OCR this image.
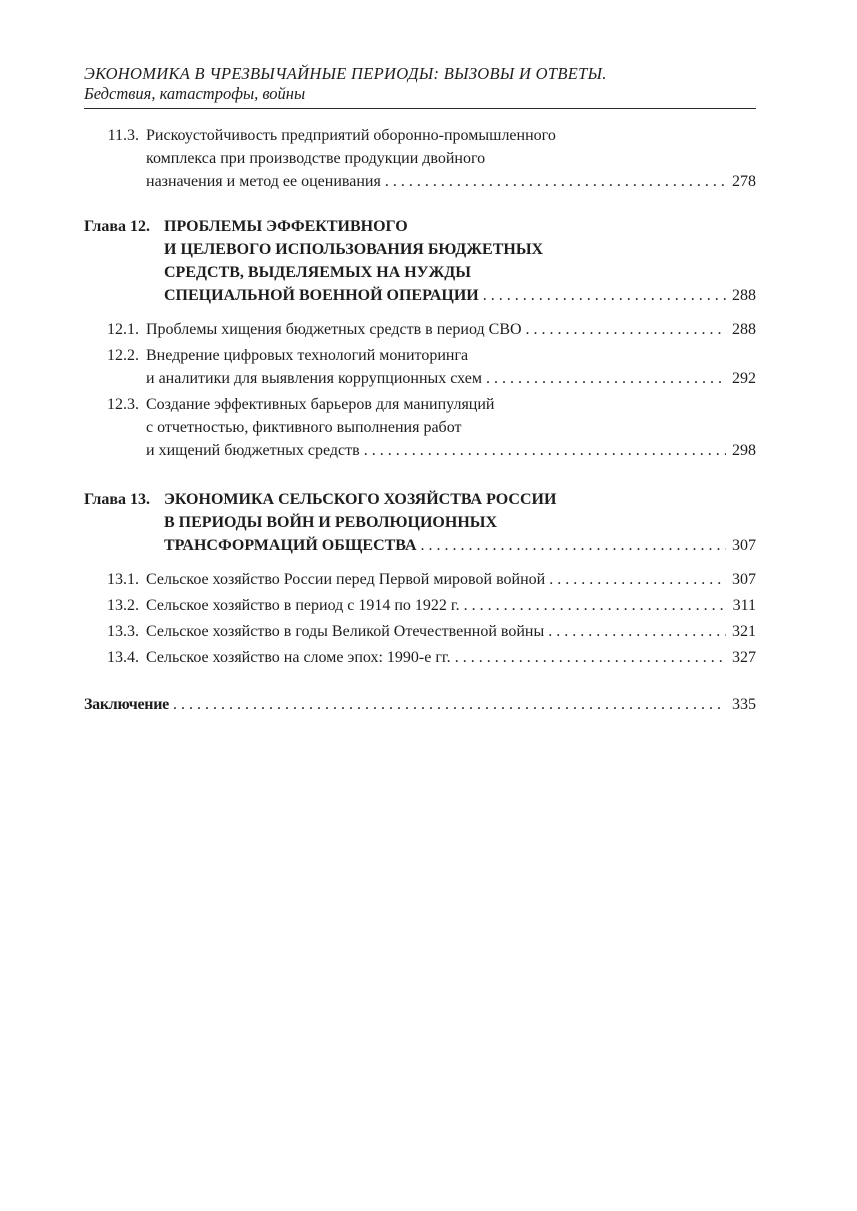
ЭКОНОМИКА В ЧРЕЗВЫЧАЙНЫЕ ПЕРИОДЫ: ВЫЗОВЫ И ОТВЕТЫ.
Бедствия, катастрофы, войны
11.3. Рискоустойчивость предприятий оборонно-промышленного
комплекса при производстве продукции двойного
назначения и метод ее оценивания . . .	278
Глава 12. ПРОБЛЕМЫ ЭФФЕКТИВНОГО
И ЦЕЛЕВОГО ИСПОЛЬЗОВАНИЯ БЮДЖЕТНЫХ
СРЕДСТВ, ВЫДЕЛЯЕМЫХ НА НУЖДЫ
СПЕЦИАЛЬНОЙ ВОЕННОЙ ОПЕРАЦИИ . . .	288
12.1. Проблемы хищения бюджетных средств в период СВО . . .	288
12.2. Внедрение цифровых технологий мониторинга
и аналитики для выявления коррупционных схем . . .	292
12.3. Создание эффективных барьеров для манипуляций
с отчетностью, фиктивного выполнения работ
и хищений бюджетных средств . . .	298
Глава 13. ЭКОНОМИКА СЕЛЬСКОГО ХОЗЯЙСТВА РОССИИ
В ПЕРИОДЫ ВОЙН И РЕВОЛЮЦИОННЫХ
ТРАНСФОРМАЦИЙ ОБЩЕСТВА . . .	307
13.1. Сельское хозяйство России перед Первой мировой войной . . .	307
13.2. Сельское хозяйство в период с 1914 по 1922 г. . . .	311
13.3. Сельское хозяйство в годы Великой Отечественной войны . . .	321
13.4. Сельское хозяйство на сломе эпох: 1990-е гг. . . .	327
Заключение . . .	335
